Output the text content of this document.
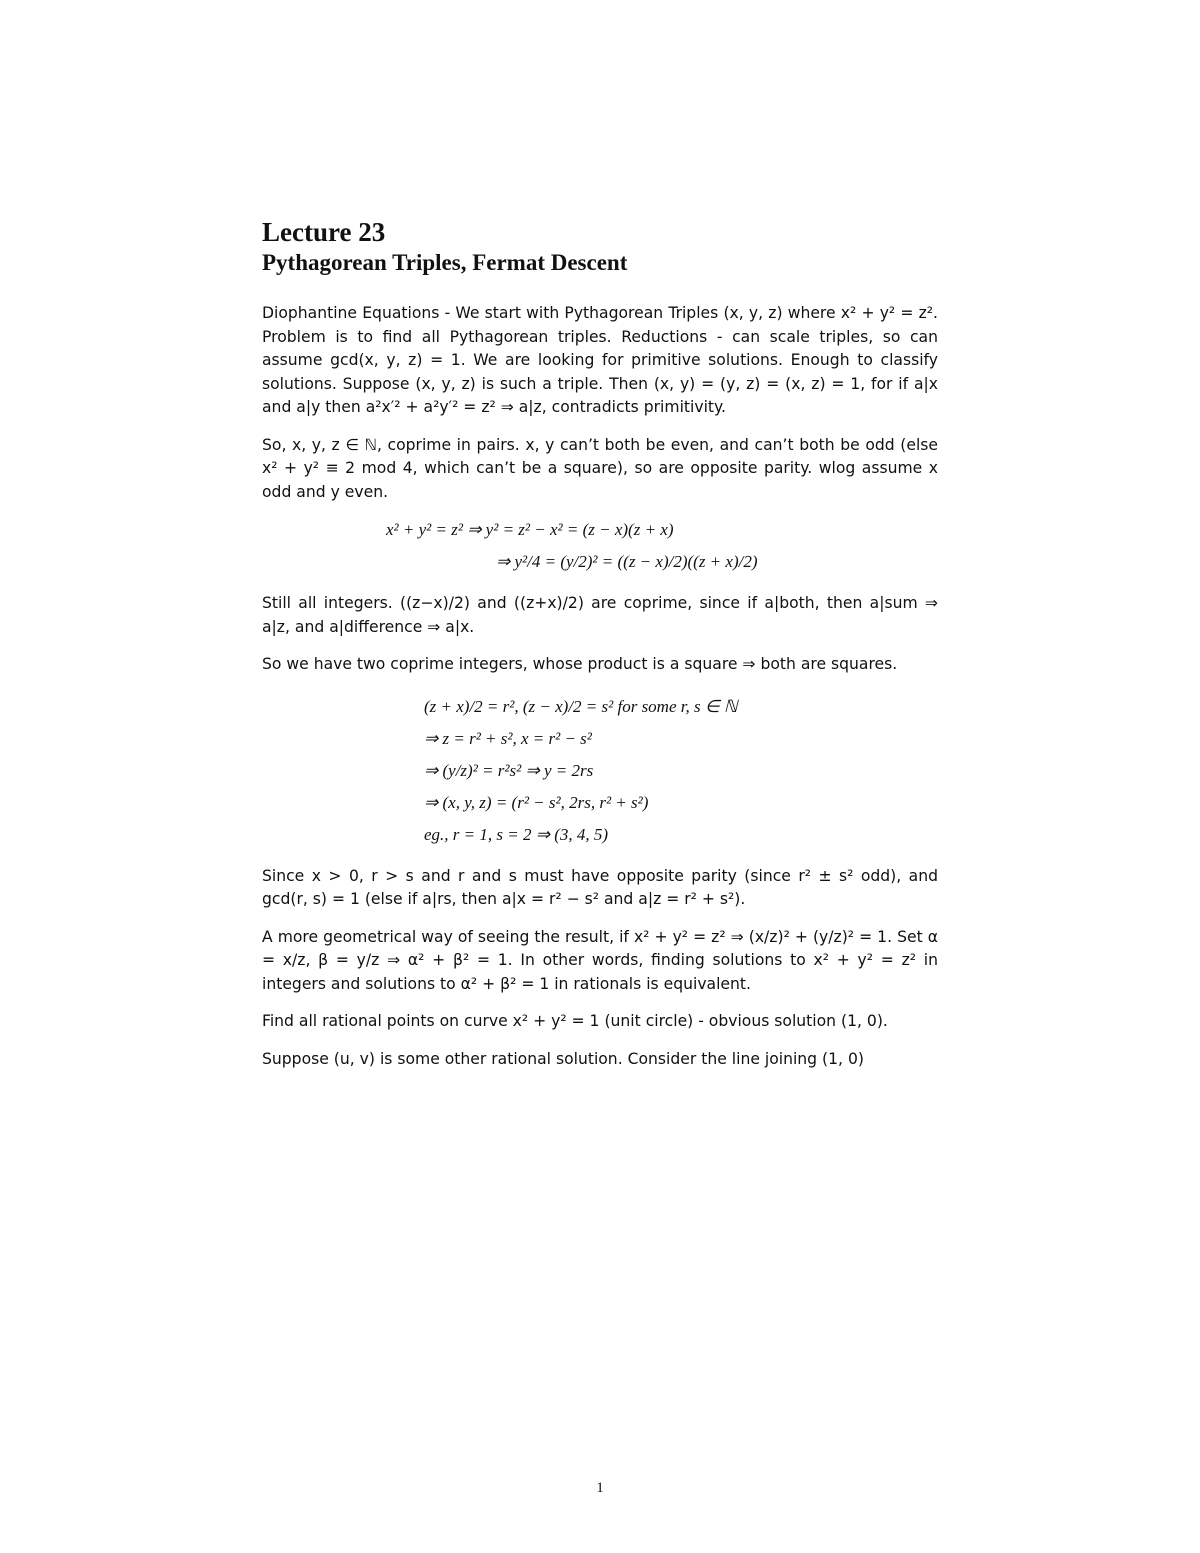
Lecture 23
Pythagorean Triples, Fermat Descent

Diophantine Equations - We start with Pythagorean Triples (x, y, z) where x² + y² = z². Problem is to find all Pythagorean triples. Reductions - can scale triples, so can assume gcd(x, y, z) = 1. We are looking for primitive solutions. Enough to classify solutions. Suppose (x, y, z) is such a triple. Then (x, y) = (y, z) = (x, z) = 1, for if a|x and a|y then a²x′² + a²y′² = z² ⇒ a|z, contradicts primitivity.

So, x, y, z ∈ ℕ, coprime in pairs. x, y can’t both be even, and can’t both be odd (else x² + y² ≡ 2 mod 4, which can’t be a square), so are opposite parity. wlog assume x odd and y even.

x² + y² = z² ⇒ y² = z² − x² = (z − x)(z + x)
⇒ y²/4 = (y/2)² = ((z − x)/2)((z + x)/2)

Still all integers. ((z−x)/2) and ((z+x)/2) are coprime, since if a|both, then a|sum ⇒ a|z, and a|difference ⇒ a|x.

So we have two coprime integers, whose product is a square ⇒ both are squares.

(z + x)/2 = r², (z − x)/2 = s² for some r, s ∈ ℕ
⇒ z = r² + s², x = r² − s²
⇒ (y/z)² = r²s² ⇒ y = 2rs
⇒ (x, y, z) = (r² − s², 2rs, r² + s²)
eg., r = 1, s = 2 ⇒ (3, 4, 5)

Since x > 0, r > s and r and s must have opposite parity (since r² ± s² odd), and gcd(r, s) = 1 (else if a|rs, then a|x = r² − s² and a|z = r² + s²).

A more geometrical way of seeing the result, if x² + y² = z² ⇒ (x/z)² + (y/z)² = 1. Set α = x/z, β = y/z ⇒ α² + β² = 1. In other words, finding solutions to x² + y² = z² in integers and solutions to α² + β² = 1 in rationals is equivalent.

Find all rational points on curve x² + y² = 1 (unit circle) - obvious solution (1, 0).

Suppose (u, v) is some other rational solution. Consider the line joining (1, 0)

1
